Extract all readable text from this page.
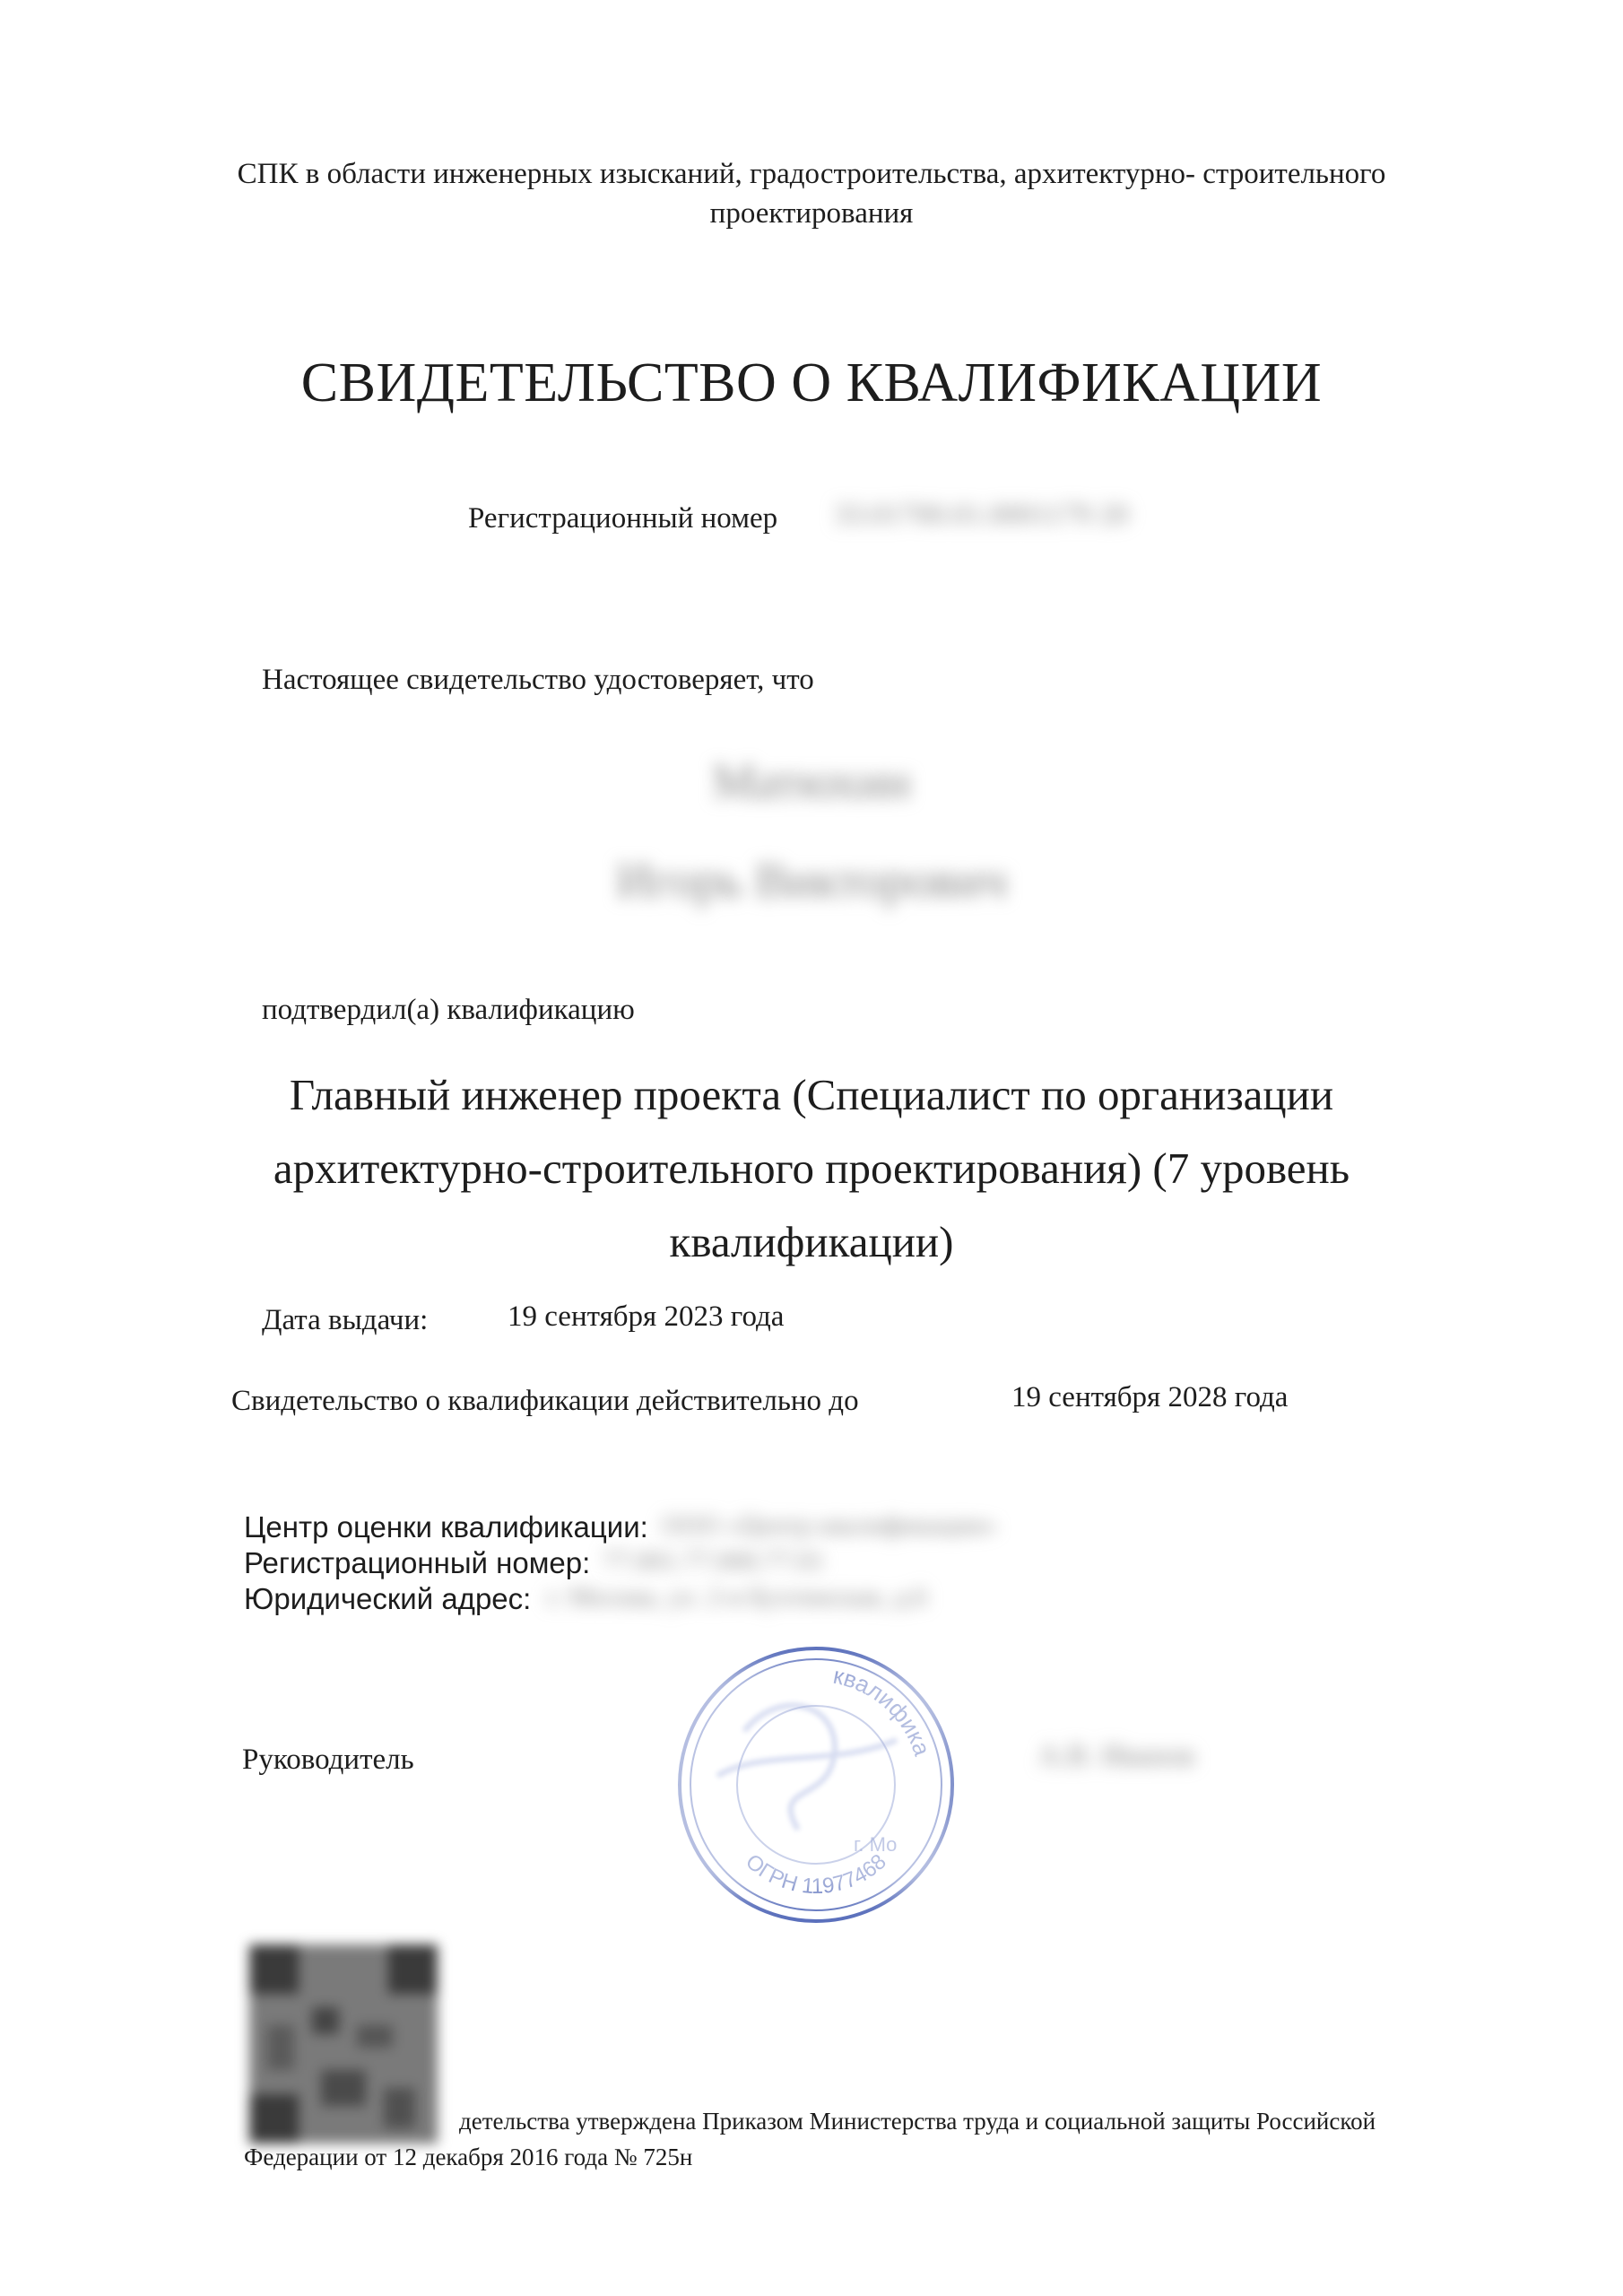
СПК в области инженерных изысканий, градостроительства, архитектурно- строительного
проектирования
СВИДЕТЕЛЬСТВО О КВАЛИФИКАЦИИ
Регистрационный номер 33.01700.01.0001179 20
Настоящее свидетельство удостоверяет, что
Матюхин
Игорь Викторович
подтвердил(а) квалификацию
Главный инженер проекта (Специалист по организации архитектурно-строительного проектирования) (7 уровень квалификации)
Дата выдачи:	19 сентября 2023 года
Свидетельство о квалификации действительно до	19 сентября 2028 года
Центр оценки квалификации: ООО «Центр квалификации»
Регистрационный номер: 77.001.77.000.77.01
Юридический адрес: г. Москва, ул. 2-я Бухтинская, д.6
Руководитель	А.В. Иванов
детельства утверждена Приказом Министерства труда и социальной защиты Российской
Федерации от 12 декабря 2016 года № 725н
